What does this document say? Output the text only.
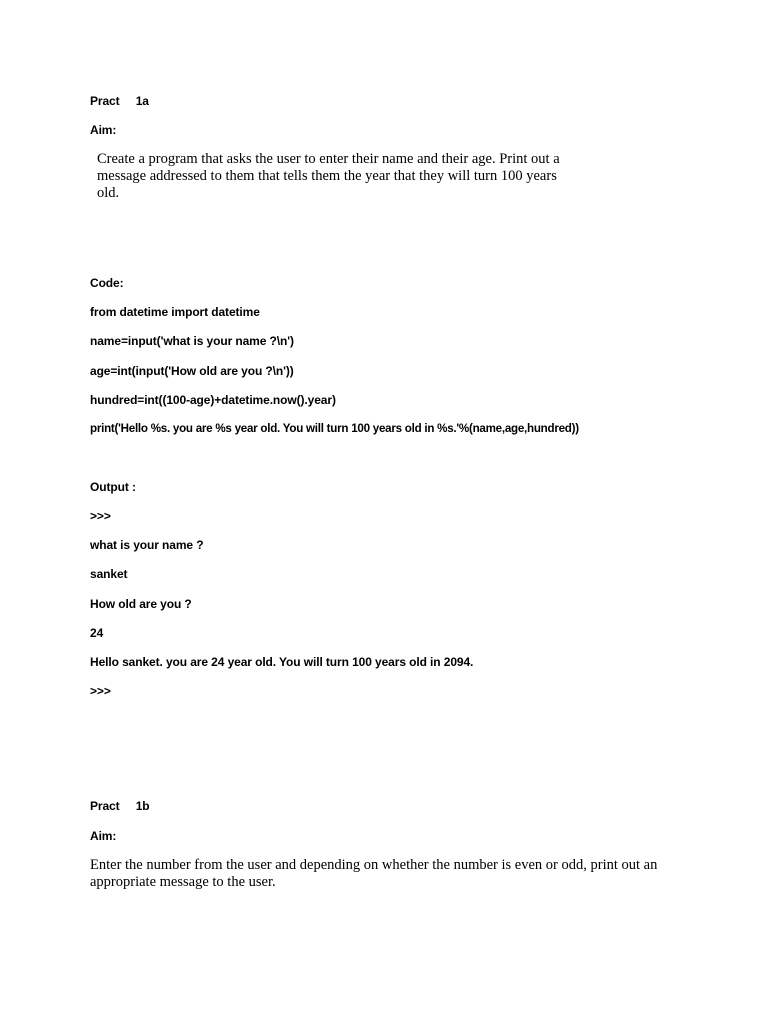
Pract     1a
Aim:
Create a program that asks the user to enter their name and their age. Print out a
message addressed to them that tells them the year that they will turn 100 years
old.
Code:
from datetime import datetime
name=input('what is your name ?\n')
age=int(input('How old are you ?\n'))
hundred=int((100-age)+datetime.now().year)
print('Hello %s. you are %s year old. You will turn 100 years old in %s.'%(name,age,hundred))
Output :
>>>
what is your name ?
sanket
How old are you ?
24
Hello sanket. you are 24 year old. You will turn 100 years old in 2094.
>>>
Pract     1b
Aim:
Enter the number from the user and depending on whether the number is even or odd, print out an
appropriate message to the user.
